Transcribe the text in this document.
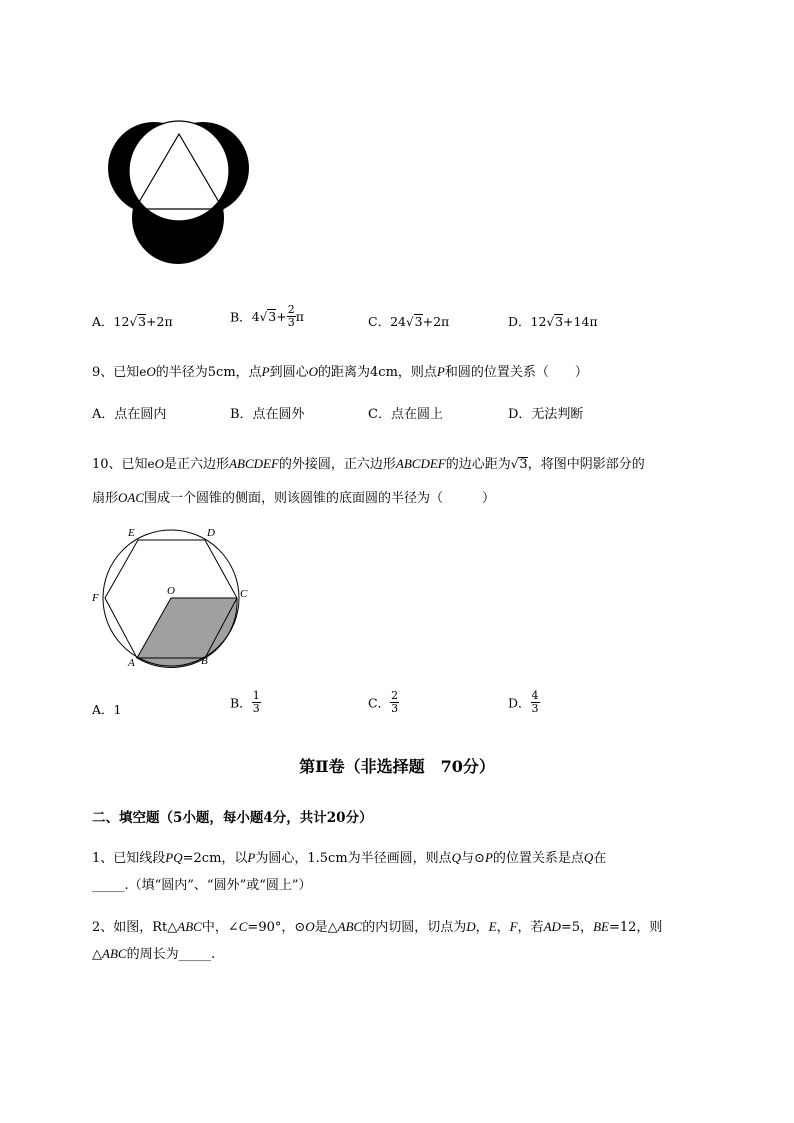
A．12√3+2π	B．$4√3+ \frac{2}{3}$ π	C．24√3+2π	D．12√3+14π
9、已知eO的半径为5cm，点P到圆心O的距离为4cm，则点P和圆的位置关系（　　）
A．点在圆内	B．点在圆外	C．点在圆上	D．无法判断
10、已知eO是正六边形ABCDEF的外接圆，正六边形ABCDEF的边心距为√3，将图中阴影部分的
扇形OAC围成一个圆锥的侧面，则该圆锥的底面圆的半径为（　　　）
E	D
F
O	C
A	B
A．1	B． $\frac{1}{3}$	C． $\frac{2}{3}$	D． $\frac{4}{3}$
第Ⅱ卷（非选择题　70分）
二、填空题（5小题，每小题4分，共计20分）
1、已知线段PQ=2cm，以P为圆心，1.5cm为半径画圆，则点Q与⊙P的位置关系是点Q在
_____.（填“圆内”、“圆外”或“圆上”）
2、如图，Rt△ABC中，∠C=90°，⊙O是△ABC的内切圆，切点为D，E，F，若AD=5，BE=12，则
△ABC的周长为_____.
